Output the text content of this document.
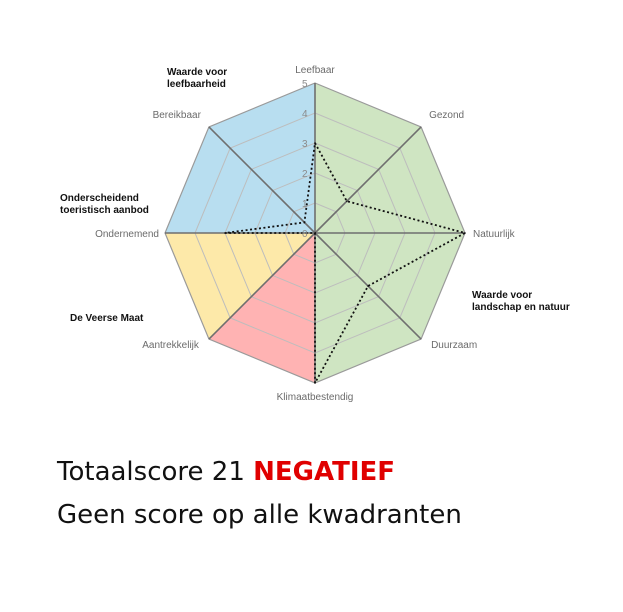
0
1
2
3
4
5
Leefbaar
Gezond
Natuurlijk
Duurzaam
Klimaatbestendig
Aantrekkelijk
Ondernemend
Bereikbaar
Waarde voor leefbaarheid
Waarde voor landschap en natuur
De Veerse Maat
Onderscheidend toeristisch aanbod
Totaalscore 21 NEGATIEF
Geen score op alle kwadranten
